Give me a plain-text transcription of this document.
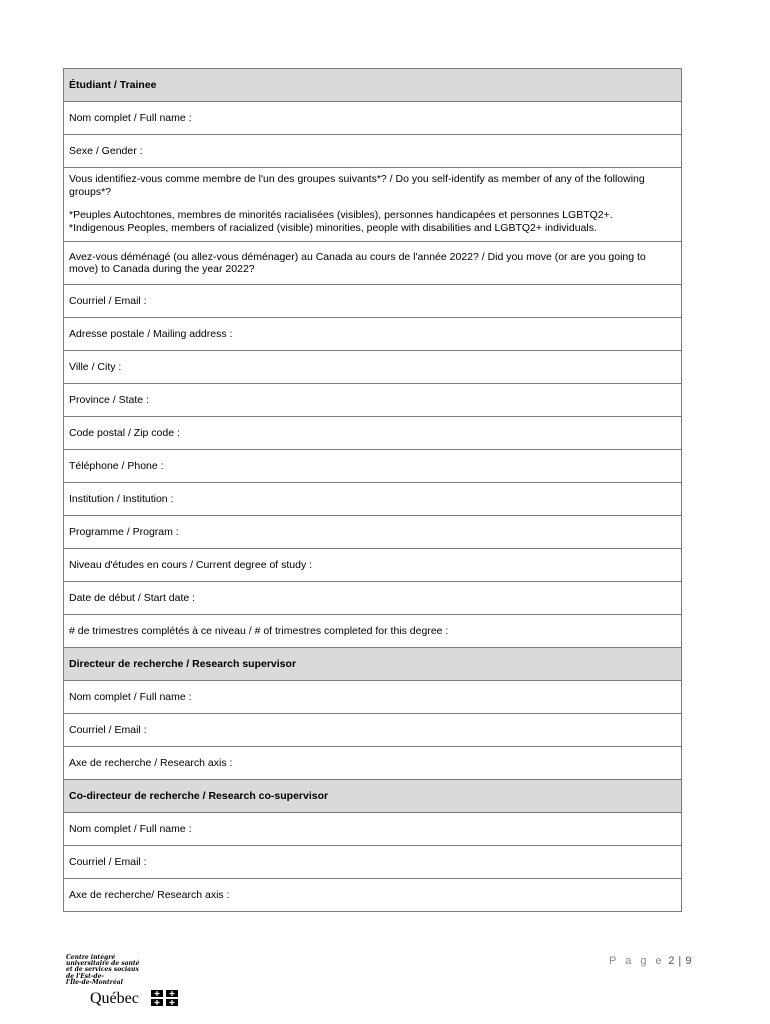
Étudiant / Trainee
Nom complet / Full name :
Sexe / Gender :

Vous identifiez-vous comme membre de l'un des groupes suivants*? / Do you self-identify as member of any of the following groups*?
*Peuples Autochtones, membres de minorités racialisées (visibles), personnes handicapées et personnes LGBTQ2+.
*Indigenous Peoples, members of racialized (visible) minorities, people with disabilities and LGBTQ2+ individuals.

Avez-vous déménagé (ou allez-vous déménager) au Canada au cours de l'année 2022? / Did you move (or are you going to move) to Canada during the year 2022?
Courriel / Email :
Adresse postale / Mailing address :
Ville / City :
Province / State :
Code postal / Zip code :
Téléphone / Phone :
Institution / Institution :
Programme / Program :
Niveau d'études en cours / Current degree of study :
Date de début / Start date :
# de trimestres complétés à ce niveau / # of trimestres completed for this degree :
Directeur de recherche / Research supervisor
Nom complet / Full name :
Courriel / Email :
Axe de recherche / Research axis :
Co-directeur de recherche / Research co-supervisor
Nom complet / Full name :
Courriel / Email :
Axe de recherche/ Research axis :
P a g e 2 | 9
Centre intégré
universitaire de santé
et de services sociaux
de l'Est-de-
l'Île-de-Montréal
Québec
